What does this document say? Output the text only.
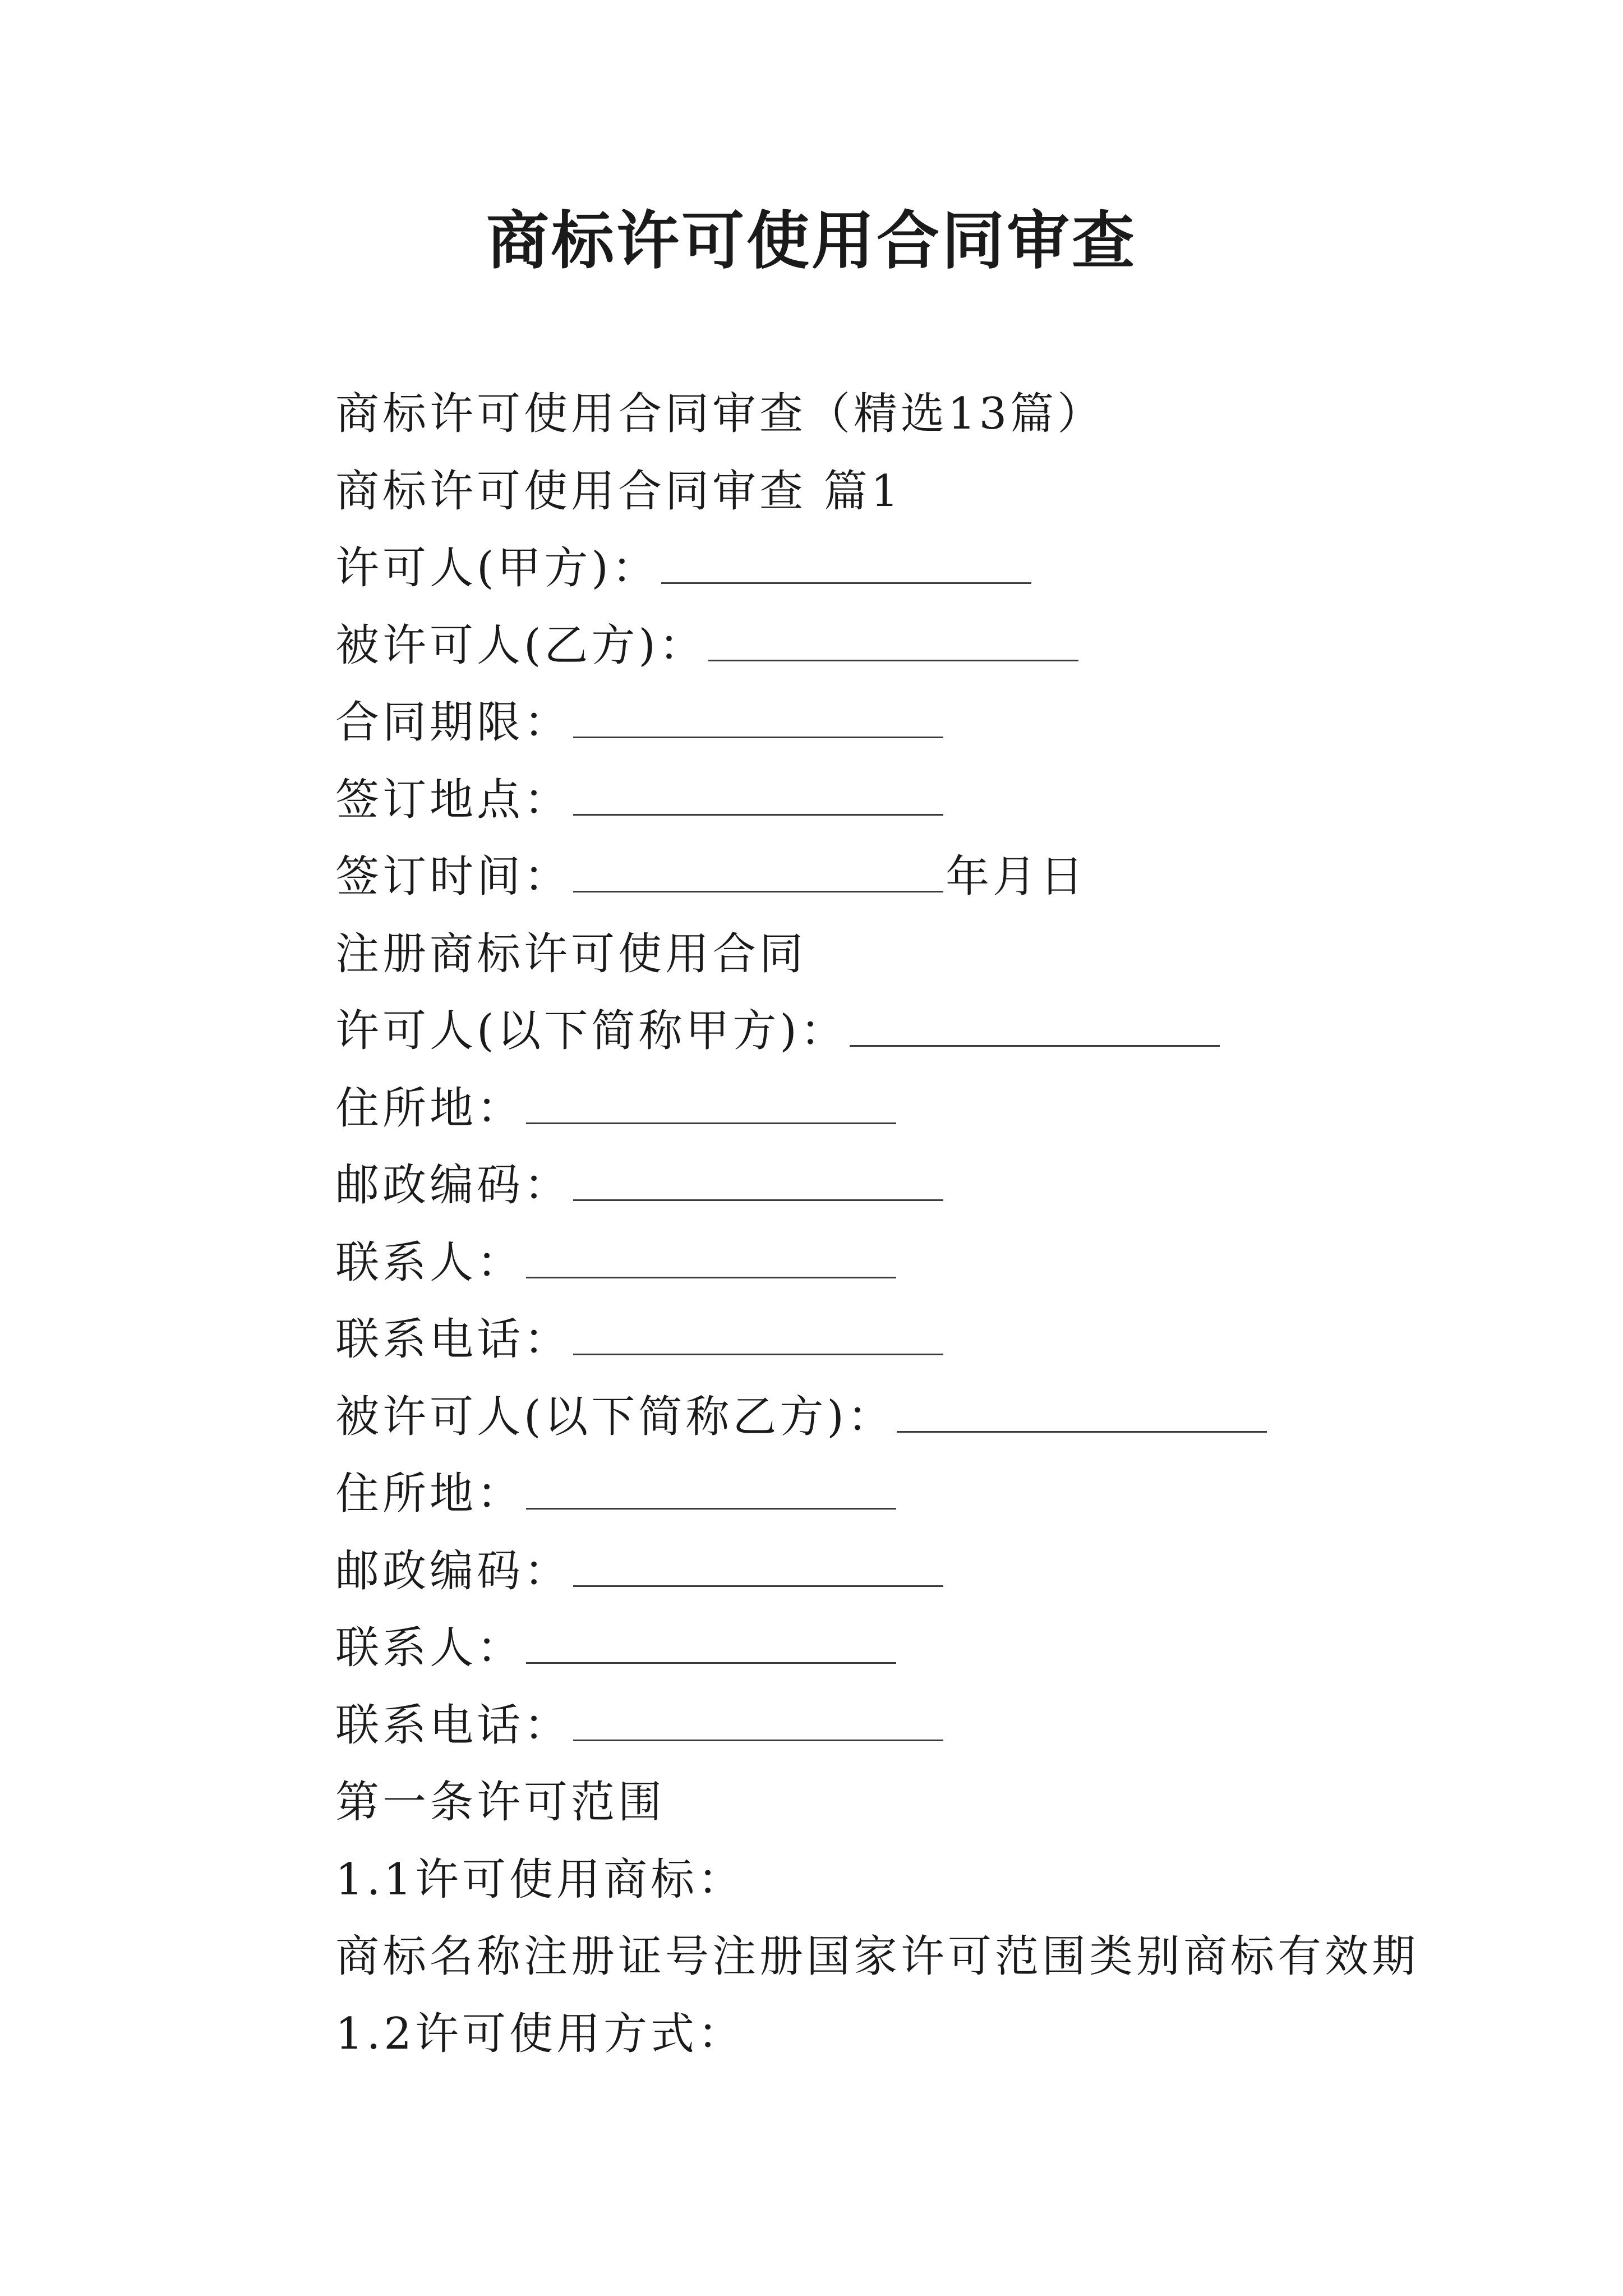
商标许可使用合同审查
商标许可使用合同审查（精选13篇）
商标许可使用合同审查 篇1
许可人(甲方)：
被许可人(乙方)：
合同期限：
签订地点：
签订时间：	年月日
注册商标许可使用合同
许可人(以下简称甲方)：
住所地：
邮政编码：
联系人：
联系电话：
被许可人(以下简称乙方)：
住所地：
邮政编码：
联系人：
联系电话：
第一条许可范围
1.1许可使用商标：
商标名称注册证号注册国家许可范围类别商标有效期
1.2许可使用方式：
